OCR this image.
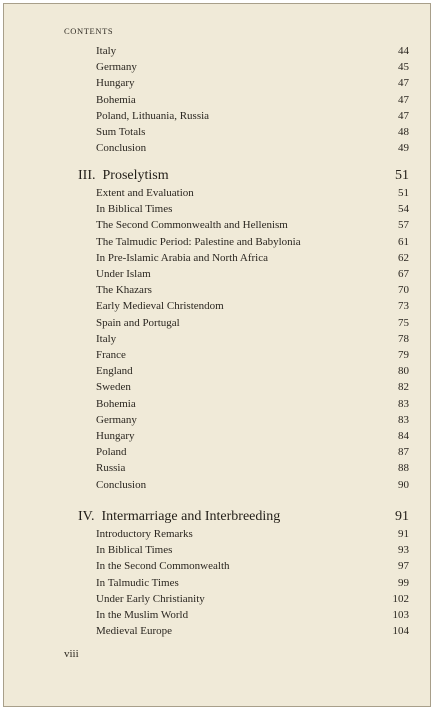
CONTENTS
Italy	44
Germany	45
Hungary	47
Bohemia	47
Poland, Lithuania, Russia	47
Sum Totals	48
Conclusion	49
III. Proselytism	51
Extent and Evaluation	51
In Biblical Times	54
The Second Commonwealth and Hellenism	57
The Talmudic Period: Palestine and Babylonia	61
In Pre-Islamic Arabia and North Africa	62
Under Islam	67
The Khazars	70
Early Medieval Christendom	73
Spain and Portugal	75
Italy	78
France	79
England	80
Sweden	82
Bohemia	83
Germany	83
Hungary	84
Poland	87
Russia	88
Conclusion	90
IV. Intermarriage and Interbreeding	91
Introductory Remarks	91
In Biblical Times	93
In the Second Commonwealth	97
In Talmudic Times	99
Under Early Christianity	102
In the Muslim World	103
Medieval Europe	104
viii
